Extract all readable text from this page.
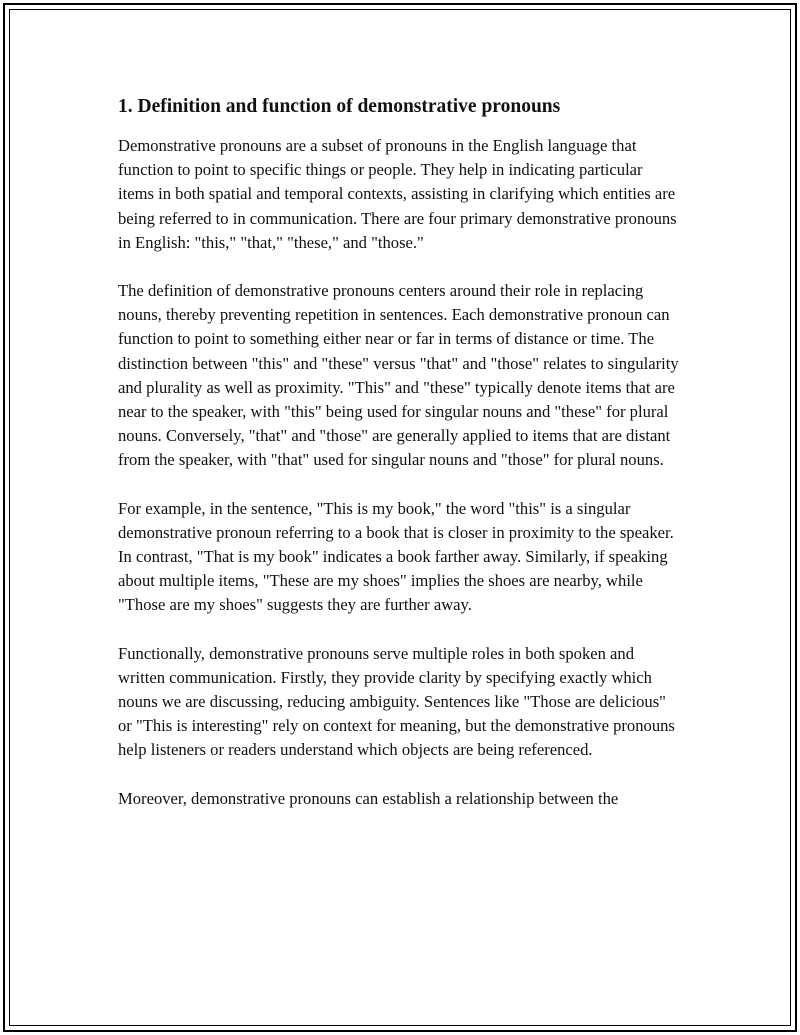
1. Definition and function of demonstrative pronouns

Demonstrative pronouns are a subset of pronouns in the English language that function to point to specific things or people. They help in indicating particular items in both spatial and temporal contexts, assisting in clarifying which entities are being referred to in communication. There are four primary demonstrative pronouns in English: "this," "that," "these," and "those."

The definition of demonstrative pronouns centers around their role in replacing nouns, thereby preventing repetition in sentences. Each demonstrative pronoun can function to point to something either near or far in terms of distance or time. The distinction between "this" and "these" versus "that" and "those" relates to singularity and plurality as well as proximity. "This" and "these" typically denote items that are near to the speaker, with "this" being used for singular nouns and "these" for plural nouns. Conversely, "that" and "those" are generally applied to items that are distant from the speaker, with "that" used for singular nouns and "those" for plural nouns.

For example, in the sentence, "This is my book," the word "this" is a singular demonstrative pronoun referring to a book that is closer in proximity to the speaker. In contrast, "That is my book" indicates a book farther away. Similarly, if speaking about multiple items, "These are my shoes" implies the shoes are nearby, while "Those are my shoes" suggests they are further away.

Functionally, demonstrative pronouns serve multiple roles in both spoken and written communication. Firstly, they provide clarity by specifying exactly which nouns we are discussing, reducing ambiguity. Sentences like "Those are delicious" or "This is interesting" rely on context for meaning, but the demonstrative pronouns help listeners or readers understand which objects are being referenced.

Moreover, demonstrative pronouns can establish a relationship between the
